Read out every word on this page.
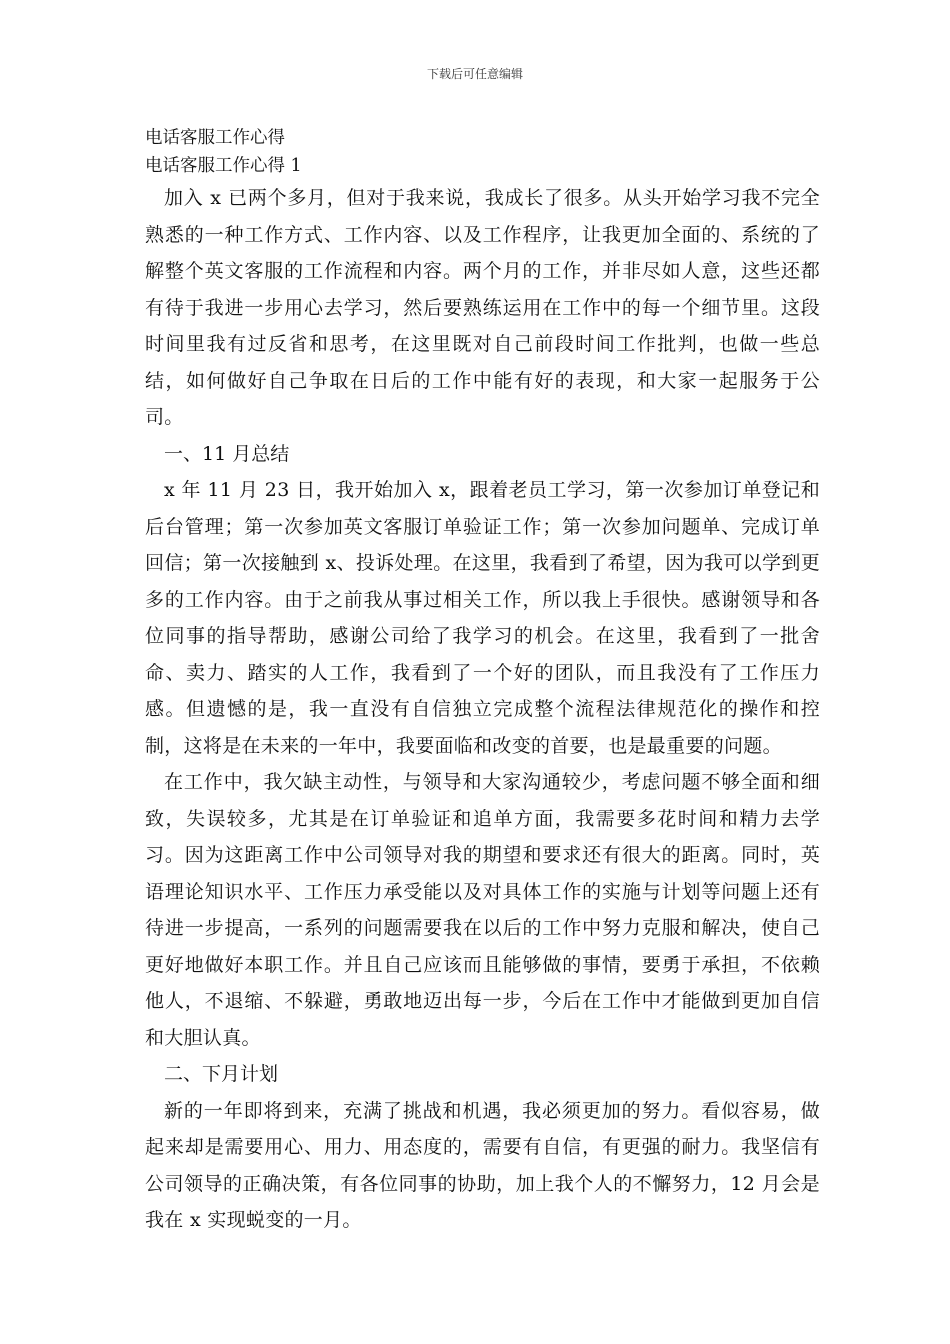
下载后可任意编辑

电话客服工作心得

电话客服工作心得 1

加入 x 已两个多月，但对于我来说，我成长了很多。从头开始学习我不完全熟悉的一种工作方式、工作内容、以及工作程序，让我更加全面的、系统的了解整个英文客服的工作流程和内容。两个月的工作，并非尽如人意，这些还都有待于我进一步用心去学习，然后要熟练运用在工作中的每一个细节里。这段时间里我有过反省和思考，在这里既对自己前段时间工作批判，也做一些总结，如何做好自己争取在日后的工作中能有好的表现，和大家一起服务于公司。

一、11 月总结

x 年 11 月 23 日，我开始加入 x，跟着老员工学习，第一次参加订单登记和后台管理；第一次参加英文客服订单验证工作；第一次参加问题单、完成订单回信；第一次接触到 x、投诉处理。在这里，我看到了希望，因为我可以学到更多的工作内容。由于之前我从事过相关工作，所以我上手很快。感谢领导和各位同事的指导帮助，感谢公司给了我学习的机会。在这里，我看到了一批舍命、卖力、踏实的人工作，我看到了一个好的团队，而且我没有了工作压力感。但遗憾的是，我一直没有自信独立完成整个流程法律规范化的操作和控制，这将是在未来的一年中，我要面临和改变的首要，也是最重要的问题。

在工作中，我欠缺主动性，与领导和大家沟通较少，考虑问题不够全面和细致，失误较多，尤其是在订单验证和追单方面，我需要多花时间和精力去学习。因为这距离工作中公司领导对我的期望和要求还有很大的距离。同时，英语理论知识水平、工作压力承受能以及对具体工作的实施与计划等问题上还有待进一步提高，一系列的问题需要我在以后的工作中努力克服和解决，使自己更好地做好本职工作。并且自己应该而且能够做的事情，要勇于承担，不依赖他人，不退缩、不躲避，勇敢地迈出每一步，今后在工作中才能做到更加自信和大胆认真。

二、下月计划

新的一年即将到来，充满了挑战和机遇，我必须更加的努力。看似容易，做起来却是需要用心、用力、用态度的，需要有自信，有更强的耐力。我坚信有公司领导的正确决策，有各位同事的协助，加上我个人的不懈努力，12 月会是我在 x 实现蜕变的一月。
